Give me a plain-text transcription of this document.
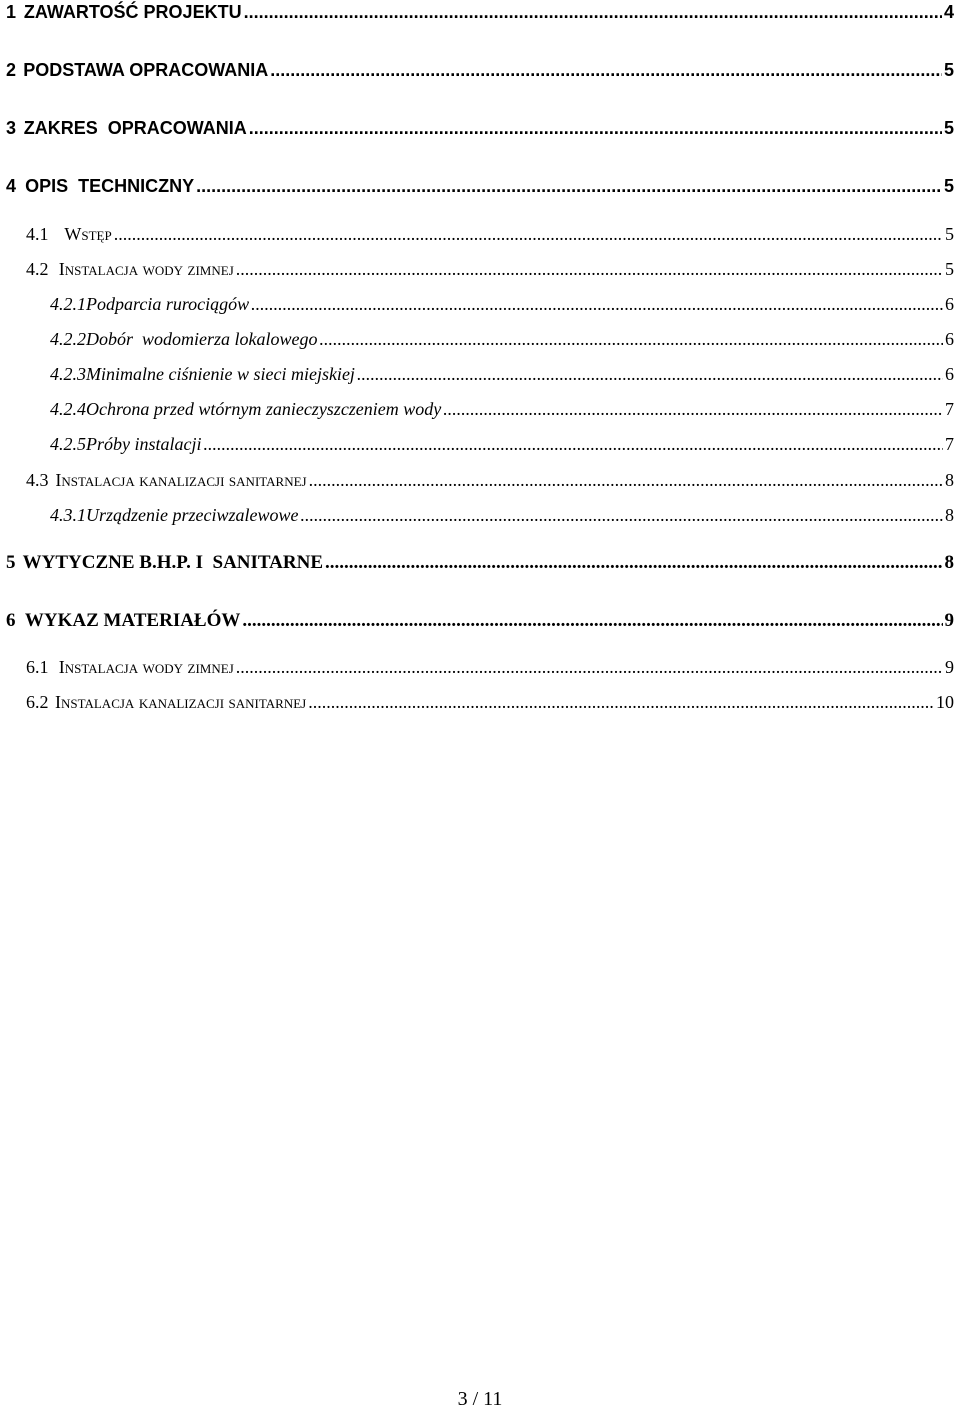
1 ZAWARTOŚĆ PROJEKTU .....	4
2 PODSTAWA OPRACOWANIA .....	5
3 ZAKRES  OPRACOWANIA .....	5
4 OPIS  TECHNICZNY .....	5
4.1 Wstęp .....	5
4.2 Instalacja wody zimnej .....	5
4.2.1 Podparcia rurociągów .....	6
4.2.2 Dobór  wodomierza lokalowego .....	6
4.2.3 Minimalne ciśnienie w sieci miejskiej .....	6
4.2.4 Ochrona przed wtórnym zanieczyszczeniem wody .....	7
4.2.5 Próby instalacji .....	7
4.3 Instalacja kanalizacji sanitarnej .....	8
4.3.1 Urządzenie przeciwzalewowe .....	8
5 WYTYCZNE B.H.P. I  SANITARNE .....	8
6 WYKAZ MATERIAŁÓW .....	9
6.1 Instalacja wody zimnej .....	9
6.2 Instalacja kanalizacji sanitarnej .....	10
3 / 11
